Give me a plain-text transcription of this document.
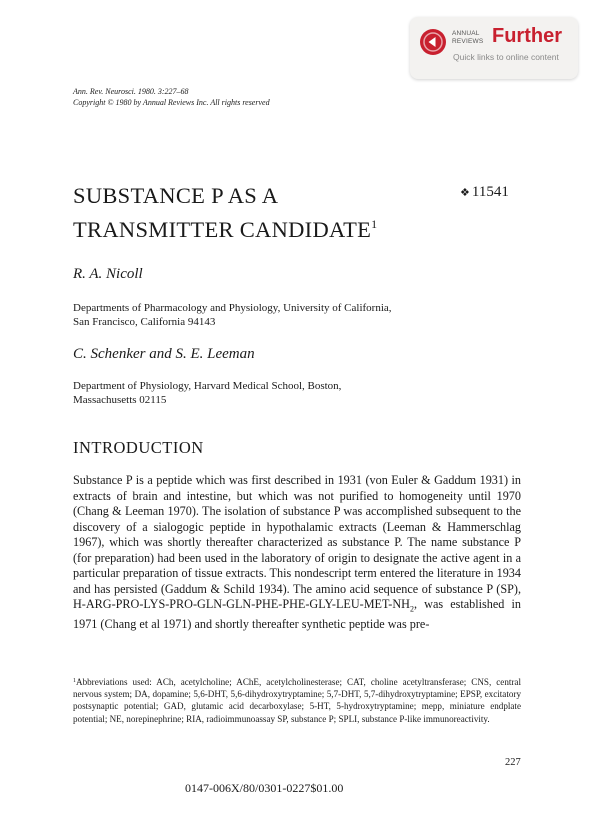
ANNUAL
REVIEWS Further
Quick links to online content
Ann. Rev. Neurosci. 1980. 3:227–68
Copyright © 1980 by Annual Reviews Inc. All rights reserved
SUBSTANCE P AS A
TRANSMITTER CANDIDATE$^1$
❖ 11541
R. A. Nicoll
Departments of Pharmacology and Physiology, University of California,
San Francisco, California 94143
C. Schenker and S. E. Leeman
Department of Physiology, Harvard Medical School, Boston,
Massachusetts 02115
INTRODUCTION
Substance P is a peptide which was first described in 1931 (von Euler & Gaddum 1931) in extracts of brain and intestine, but which was not purified to homogeneity until 1970 (Chang & Leeman 1970). The isolation of substance P was accomplished subsequent to the discovery of a sialogogic peptide in hypothalamic extracts (Leeman & Hammerschlag 1967), which was shortly thereafter characterized as substance P. The name substance P (for preparation) had been used in the laboratory of origin to designate the active agent in a particular preparation of tissue extracts. This nondescript term entered the literature in 1934 and has persisted (Gaddum & Schild 1934). The amino acid sequence of substance P (SP), $H-ARG-PRO-LYS-PRO-GLN-GLN-PHE-PHE-GLY-LEU-MET-NH_2$, was established in 1971 (Chang et al 1971) and shortly thereafter synthetic peptide was pre-
$^1$Abbreviations used: ACh, acetylcholine; AChE, acetylcholinesterase; CAT, choline acetyltransferase; CNS, central nervous system; DA, dopamine; 5,6-DHT, 5,6-dihydroxytryptamine; 5,7-DHT, 5,7-dihydroxytryptamine; EPSP, excitatory postsynaptic potential; GAD, glutamic acid decarboxylase; 5-HT, 5-hydroxytryptamine; mepp, miniature endplate potential; NE, norepinephrine; RIA, radioimmunoassay SP, substance P; SPLI, substance P-like immunoreactivity.
227
0147-006X/80/0301-0227$01.00
